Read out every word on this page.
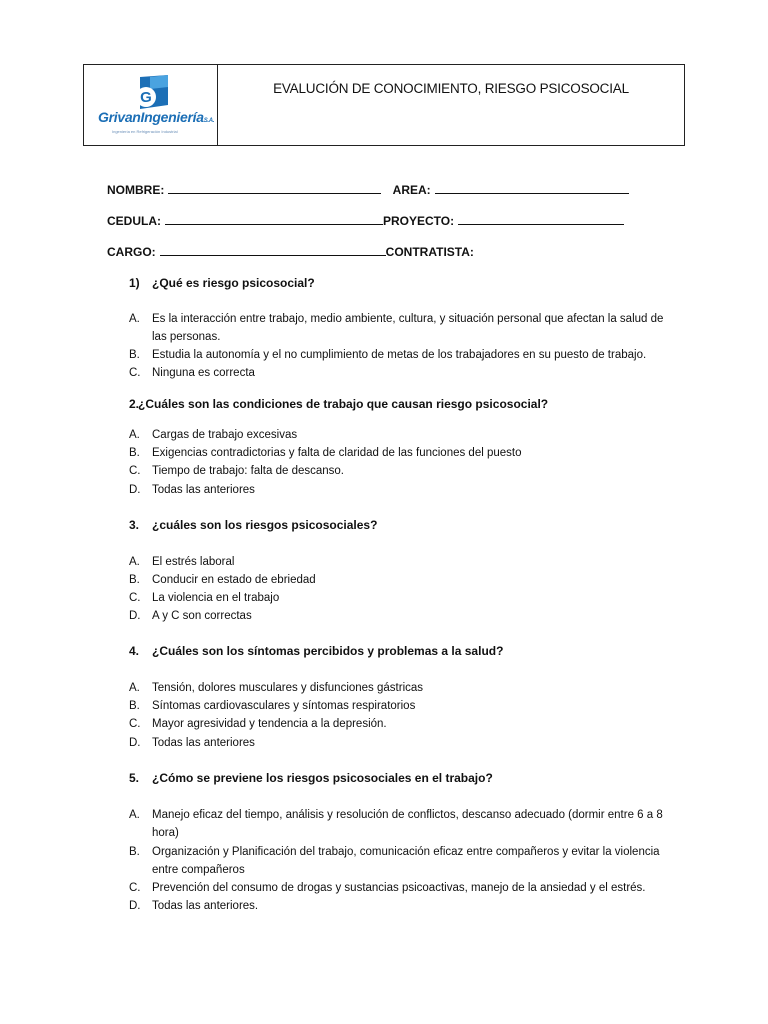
G
GrivanIngenieríaS.A.
Ingeniería en Refrigeración Industrial
EVALUCIÓN DE CONOCIMIENTO, RIESGO PSICOSOCIAL
NOMBRE:	AREA:
CEDULA:	PROYECTO:
CARGO:	CONTRATISTA:
1) ¿Qué es riesgo psicosocial?
A. Es la interacción entre trabajo, medio ambiente, cultura, y situación personal que afectan la salud de las personas.
B. Estudia la autonomía y el no cumplimiento de metas de los trabajadores en su puesto de trabajo.
C. Ninguna es correcta
2.¿Cuáles son las condiciones de trabajo que causan riesgo psicosocial?
A. Cargas de trabajo excesivas
B. Exigencias contradictorias y falta de claridad de las funciones del puesto
C. Tiempo de trabajo: falta de descanso.
D. Todas las anteriores
3. ¿cuáles son los riesgos psicosociales?
A. El estrés laboral
B. Conducir en estado de ebriedad
C. La violencia en el trabajo
D. A y C son correctas
4. ¿Cuáles son los síntomas percibidos y problemas a la salud?
A. Tensión, dolores musculares y disfunciones gástricas
B. Síntomas cardiovasculares y síntomas respiratorios
C. Mayor agresividad y tendencia a la depresión.
D. Todas las anteriores
5. ¿Cómo se previene los riesgos psicosociales en el trabajo?
A. Manejo eficaz del tiempo, análisis y resolución de conflictos, descanso adecuado (dormir entre 6 a 8 hora)
B. Organización y Planificación del trabajo, comunicación eficaz entre compañeros y evitar la violencia entre compañeros
C. Prevención del consumo de drogas y sustancias psicoactivas, manejo de la ansiedad y el estrés.
D. Todas las anteriores.
